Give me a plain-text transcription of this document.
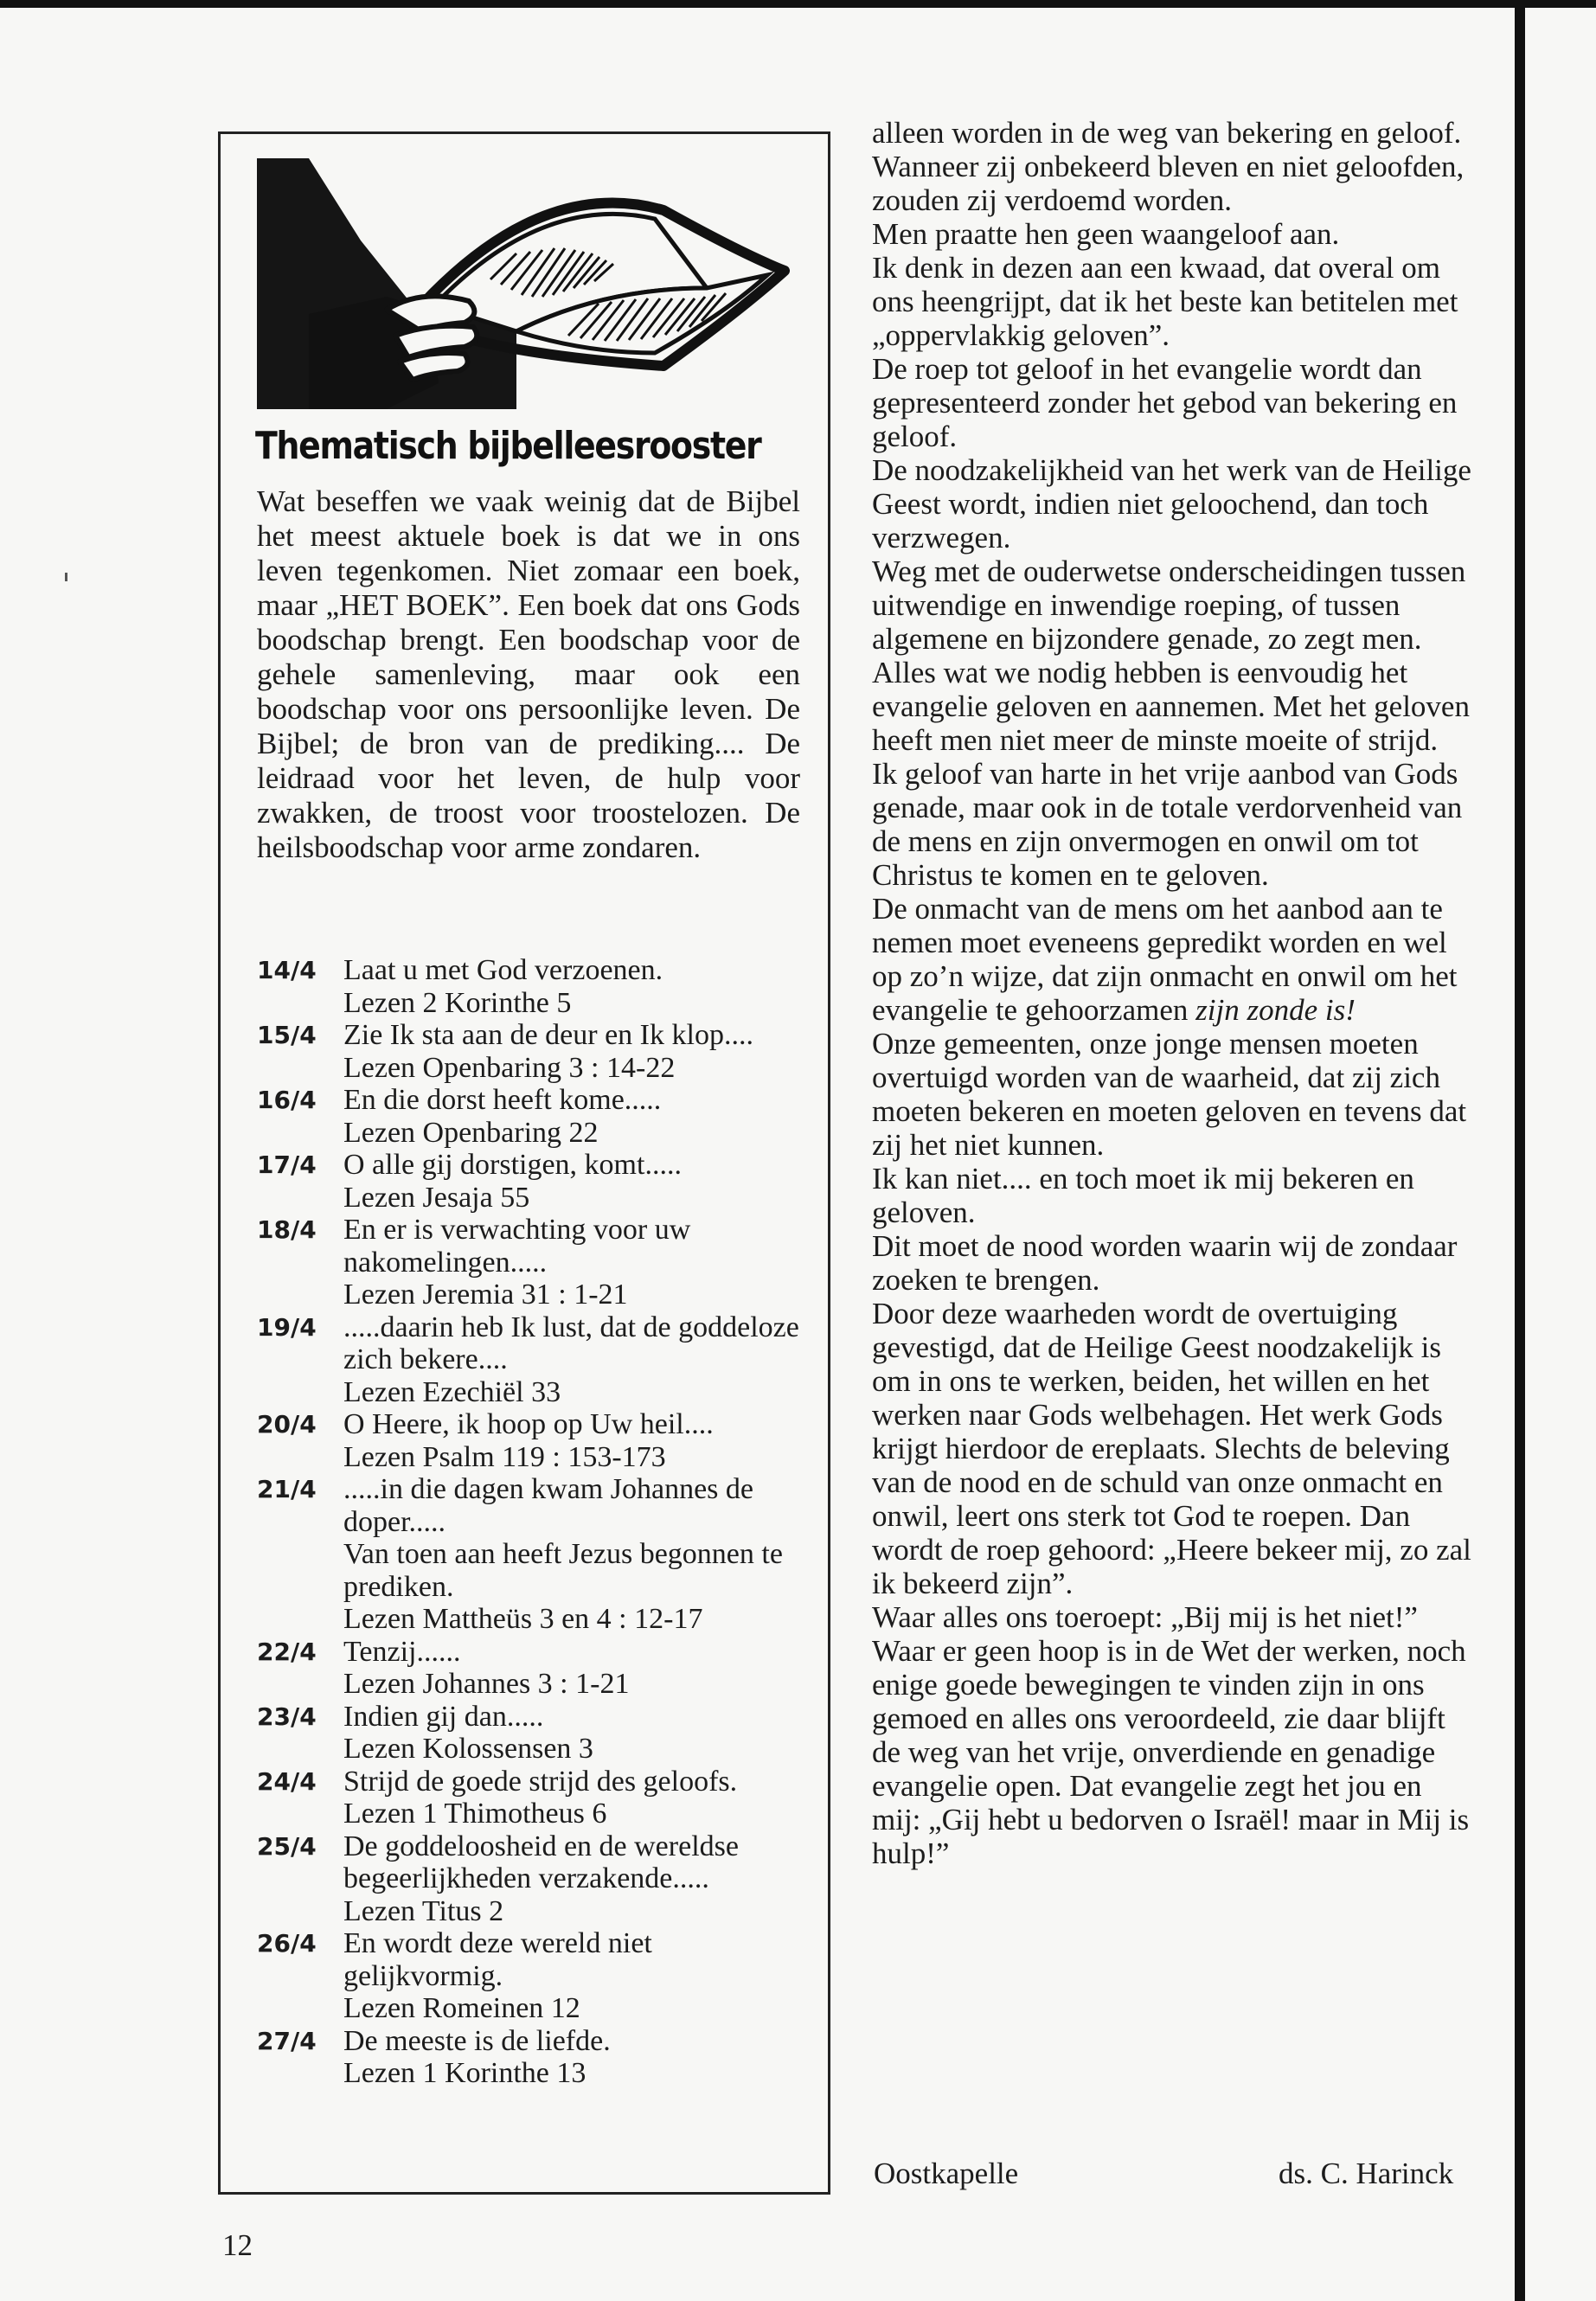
Thematisch bijbelleesrooster

Wat beseffen we vaak weinig dat de Bijbel het meest aktuele boek is dat we in ons leven tegenkomen. Niet zomaar een boek, maar „HET BOEK”. Een boek dat ons Gods boodschap brengt. Een boodschap voor de gehele samenleving, maar ook een boodschap voor ons persoonlijke leven. De Bijbel; de bron van de prediking.... De leidraad voor het leven, de hulp voor zwakken, de troost voor troostelozen. De heilsboodschap voor arme zondaren.

14/4 Laat u met God verzoenen.
Lezen 2 Korinthe 5
15/4 Zie Ik sta aan de deur en Ik klop....
Lezen Openbaring 3 : 14-22
16/4 En die dorst heeft kome.....
Lezen Openbaring 22
17/4 O alle gij dorstigen, komt.....
Lezen Jesaja 55
18/4 En er is verwachting voor uw nakomelingen.....
Lezen Jeremia 31 : 1-21
19/4 .....daarin heb Ik lust, dat de goddeloze zich bekere....
Lezen Ezechiël 33
20/4 O Heere, ik hoop op Uw heil....
Lezen Psalm 119 : 153-173
21/4 .....in die dagen kwam Johannes de doper.....
Van toen aan heeft Jezus begonnen te prediken.
Lezen Mattheüs 3 en 4 : 12-17
22/4 Tenzij......
Lezen Johannes 3 : 1-21
23/4 Indien gij dan.....
Lezen Kolossensen 3
24/4 Strijd de goede strijd des geloofs.
Lezen 1 Thimotheus 6
25/4 De goddeloosheid en de wereldse begeerlijkheden verzakende.....
Lezen Titus 2
26/4 En wordt deze wereld niet gelijkvormig.
Lezen Romeinen 12
27/4 De meeste is de liefde.
Lezen 1 Korinthe 13

alleen worden in de weg van bekering en geloof. Wanneer zij onbekeerd bleven en niet geloofden, zouden zij verdoemd worden.

Men praatte hen geen waangeloof aan.

Ik denk in dezen aan een kwaad, dat overal om ons heengrijpt, dat ik het beste kan betitelen met „oppervlakkig geloven”.

De roep tot geloof in het evangelie wordt dan gepresenteerd zonder het gebod van bekering en geloof.

De noodzakelijkheid van het werk van de Heilige Geest wordt, indien niet geloochend, dan toch verzwegen.

Weg met de ouderwetse onderscheidingen tussen uitwendige en inwendige roeping, of tussen algemene en bijzondere genade, zo zegt men. Alles wat we nodig hebben is eenvoudig het evangelie geloven en aannemen. Met het geloven heeft men niet meer de minste moeite of strijd.

Ik geloof van harte in het vrije aanbod van Gods genade, maar ook in de totale verdorvenheid van de mens en zijn onvermogen en onwil om tot Christus te komen en te geloven.

De onmacht van de mens om het aanbod aan te nemen moet eveneens gepredikt worden en wel op zo’n wijze, dat zijn onmacht en onwil om het evangelie te gehoorzamen zijn zonde is!

Onze gemeenten, onze jonge mensen moeten overtuigd worden van de waarheid, dat zij zich moeten bekeren en moeten geloven en tevens dat zij het niet kunnen.

Ik kan niet.... en toch moet ik mij bekeren en geloven.

Dit moet de nood worden waarin wij de zondaar zoeken te brengen.

Door deze waarheden wordt de overtuiging gevestigd, dat de Heilige Geest noodzakelijk is om in ons te werken, beiden, het willen en het werken naar Gods welbehagen. Het werk Gods krijgt hierdoor de ereplaats. Slechts de beleving van de nood en de schuld van onze onmacht en onwil, leert ons sterk tot God te roepen. Dan wordt de roep gehoord: „Heere bekeer mij, zo zal ik bekeerd zijn”.

Waar alles ons toeroept: „Bij mij is het niet!” Waar er geen hoop is in de Wet der werken, noch enige goede bewegingen te vinden zijn in ons gemoed en alles ons veroordeeld, zie daar blijft de weg van het vrije, onverdiende en genadige evangelie open. Dat evangelie zegt het jou en mij: „Gij hebt u bedorven o Israël! maar in Mij is hulp!”

Oostkapelle	ds. C. Harinck

12
